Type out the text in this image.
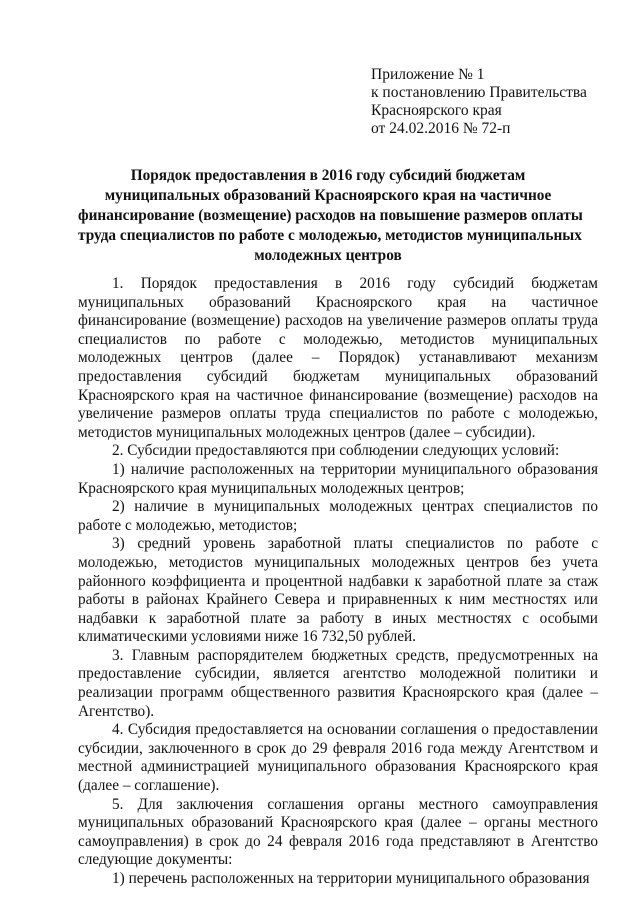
Приложение № 1
к постановлению Правительства
Красноярского края
от 24.02.2016 № 72-п
Порядок предоставления в 2016 году субсидий бюджетам
муниципальных образований Красноярского края на частичное
финансирование (возмещение) расходов на повышение размеров оплаты
труда специалистов по работе с молодежью, методистов муниципальных
молодежных центров

1. Порядок предоставления в 2016 году субсидий бюджетам муниципальных образований Красноярского края на частичное финансирование (возмещение) расходов на увеличение размеров оплаты труда специалистов по работе с молодежью, методистов муниципальных молодежных центров (далее – Порядок) устанавливают механизм предоставления субсидий бюджетам муниципальных образований Красноярского края на частичное финансирование (возмещение) расходов на увеличение размеров оплаты труда специалистов по работе с молодежью, методистов муниципальных молодежных центров (далее – субсидии).

2. Субсидии предоставляются при соблюдении следующих условий:

1) наличие расположенных на территории муниципального образования Красноярского края муниципальных молодежных центров;

2) наличие в муниципальных молодежных центрах специалистов по работе с молодежью, методистов;

3) средний уровень заработной платы специалистов по работе с молодежью, методистов муниципальных молодежных центров без учета районного коэффициента и процентной надбавки к заработной плате за стаж работы в районах Крайнего Севера и приравненных к ним местностях или надбавки к заработной плате за работу в иных местностях с особыми климатическими условиями ниже 16 732,50 рублей.

3. Главным распорядителем бюджетных средств, предусмотренных на предоставление субсидии, является агентство молодежной политики и реализации программ общественного развития Красноярского края (далее – Агентство).

4. Субсидия предоставляется на основании соглашения о предоставлении субсидии, заключенного в срок до 29 февраля 2016 года между Агентством и местной администрацией муниципального образования Красноярского края (далее – соглашение).

5. Для заключения соглашения органы местного самоуправления муниципальных образований Красноярского края (далее – органы местного самоуправления) в срок до 24 февраля 2016 года представляют в Агентство следующие документы:

1) перечень расположенных на территории муниципального образования
